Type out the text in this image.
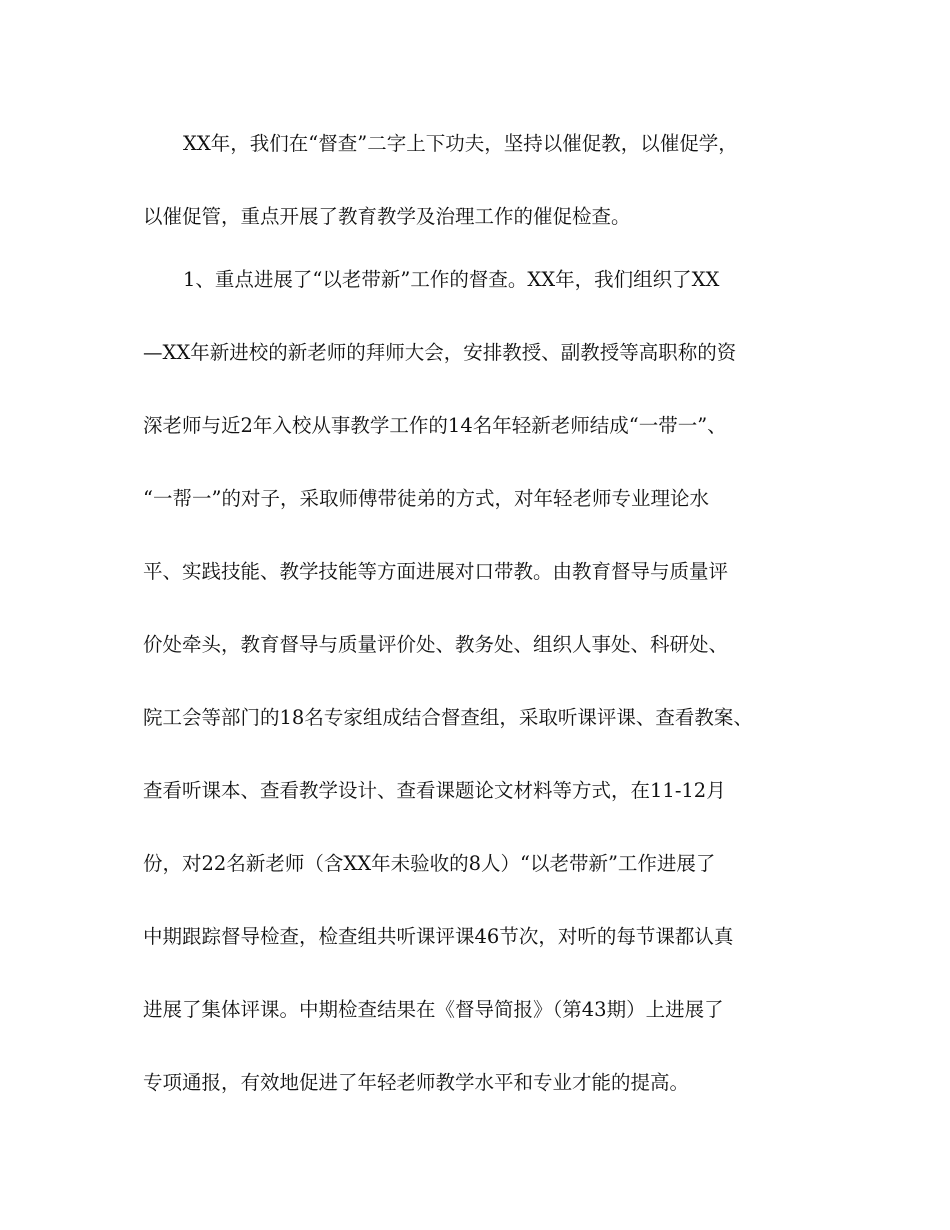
XX年，我们在“督查”二字上下功夫，坚持以催促教，以催促学，
以催促管，重点开展了教育教学及治理工作的催促检查。
1、重点进展了“以老带新”工作的督查。XX年，我们组织了XX
—XX年新进校的新老师的拜师大会，安排教授、副教授等高职称的资
深老师与近2年入校从事教学工作的14名年轻新老师结成“一带一”、
“一帮一”的对子，采取师傅带徒弟的方式，对年轻老师专业理论水
平、实践技能、教学技能等方面进展对口带教。由教育督导与质量评
价处牵头，教育督导与质量评价处、教务处、组织人事处、科研处、
院工会等部门的18名专家组成结合督查组，采取听课评课、查看教案、
查看听课本、查看教学设计、查看课题论文材料等方式，在11-12月
份，对22名新老师（含XX年未验收的8人）“以老带新”工作进展了
中期跟踪督导检查，检查组共听课评课46节次，对听的每节课都认真
进展了集体评课。中期检查结果在《督导简报》（第43期）上进展了
专项通报，有效地促进了年轻老师教学水平和专业才能的提高。
